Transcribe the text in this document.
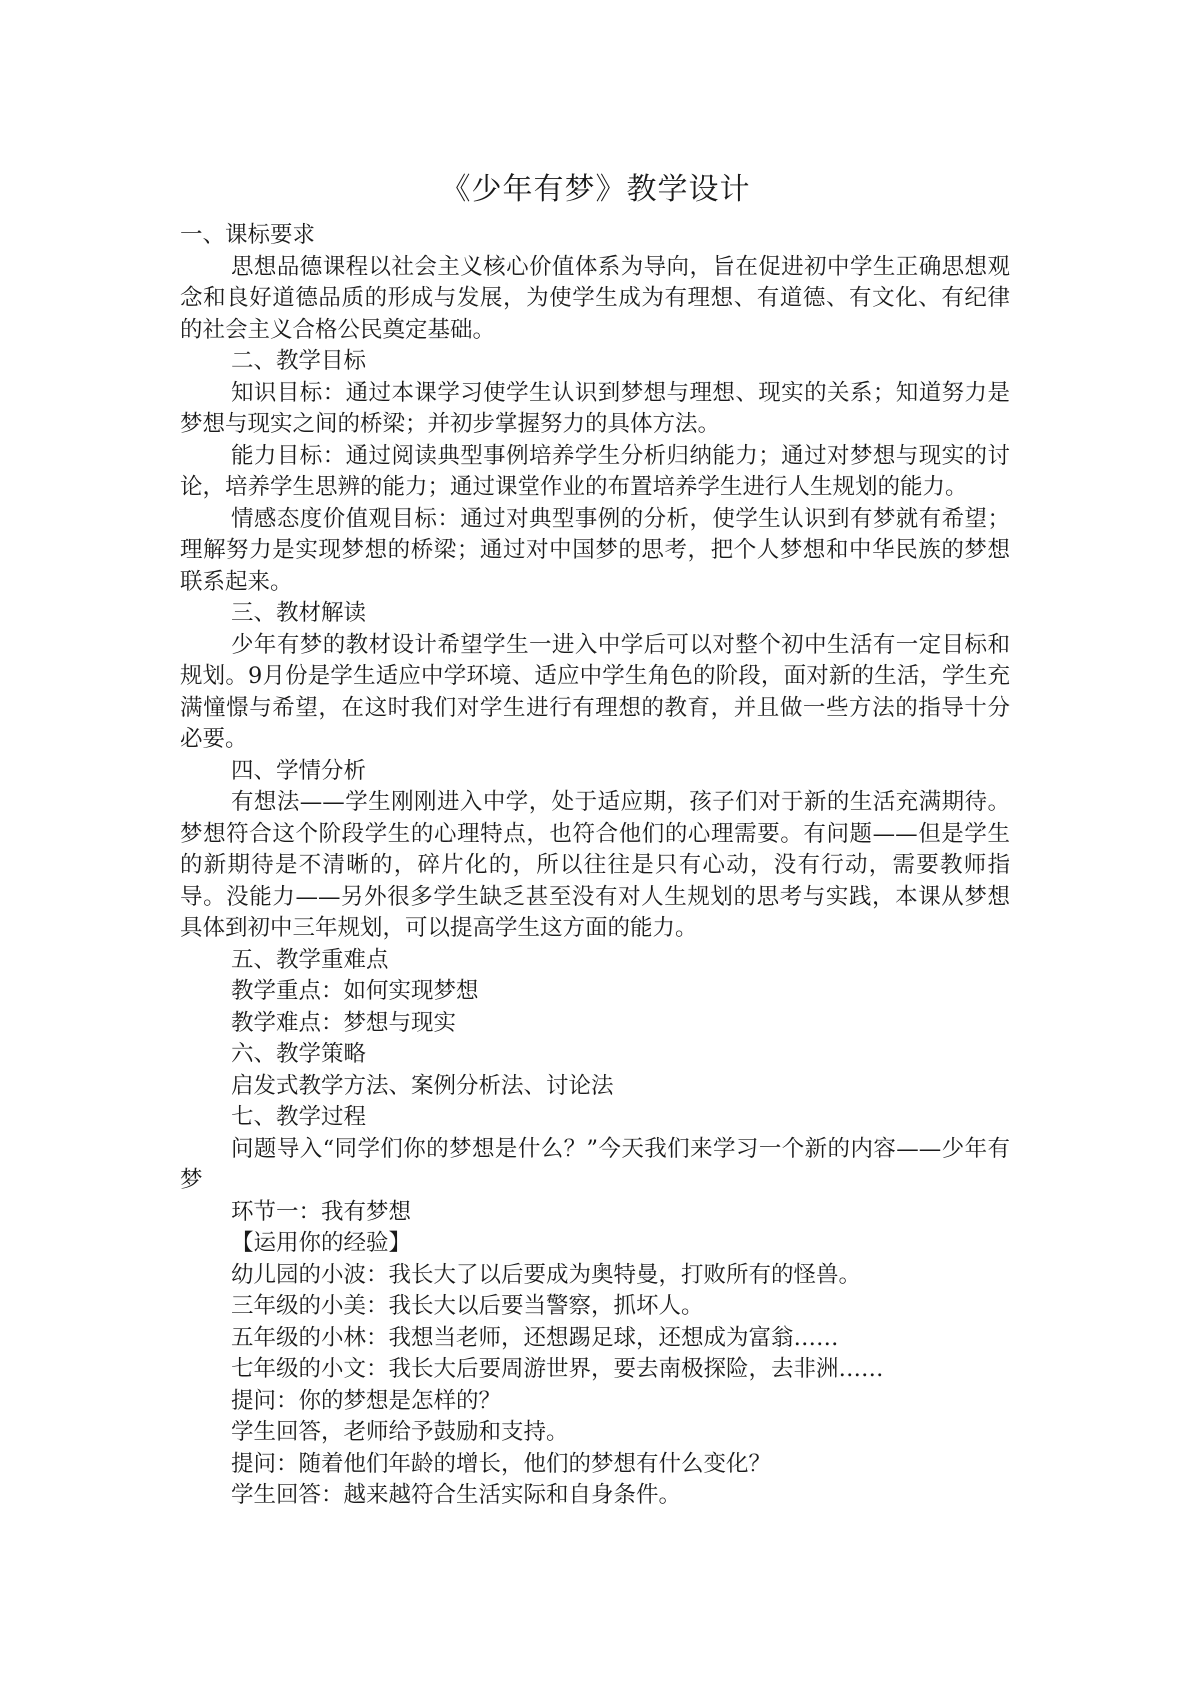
《少年有梦》教学设计

一、课标要求

思想品德课程以社会主义核心价值体系为导向，旨在促进初中学生正确思想观念和良好道德品质的形成与发展，为使学生成为有理想、有道德、有文化、有纪律的社会主义合格公民奠定基础。

二、教学目标

知识目标：通过本课学习使学生认识到梦想与理想、现实的关系；知道努力是梦想与现实之间的桥梁；并初步掌握努力的具体方法。

能力目标：通过阅读典型事例培养学生分析归纳能力；通过对梦想与现实的讨论，培养学生思辨的能力；通过课堂作业的布置培养学生进行人生规划的能力。

情感态度价值观目标：通过对典型事例的分析，使学生认识到有梦就有希望；理解努力是实现梦想的桥梁；通过对中国梦的思考，把个人梦想和中华民族的梦想联系起来。

三、教材解读

少年有梦的教材设计希望学生一进入中学后可以对整个初中生活有一定目标和规划。9月份是学生适应中学环境、适应中学生角色的阶段，面对新的生活，学生充满憧憬与希望，在这时我们对学生进行有理想的教育，并且做一些方法的指导十分必要。

四、学情分析

有想法——学生刚刚进入中学，处于适应期，孩子们对于新的生活充满期待。梦想符合这个阶段学生的心理特点，也符合他们的心理需要。有问题——但是学生的新期待是不清晰的，碎片化的，所以往往是只有心动，没有行动，需要教师指导。没能力——另外很多学生缺乏甚至没有对人生规划的思考与实践，本课从梦想具体到初中三年规划，可以提高学生这方面的能力。

五、教学重难点

教学重点：如何实现梦想

教学难点：梦想与现实

六、教学策略

启发式教学方法、案例分析法、讨论法

七、教学过程

问题导入“同学们你的梦想是什么？”今天我们来学习一个新的内容——少年有梦

环节一：我有梦想

【运用你的经验】

幼儿园的小波：我长大了以后要成为奥特曼，打败所有的怪兽。

三年级的小美：我长大以后要当警察，抓坏人。

五年级的小林：我想当老师，还想踢足球，还想成为富翁……

七年级的小文：我长大后要周游世界，要去南极探险，去非洲……

提问：你的梦想是怎样的？

学生回答，老师给予鼓励和支持。

提问：随着他们年龄的增长，他们的梦想有什么变化？

学生回答：越来越符合生活实际和自身条件。
